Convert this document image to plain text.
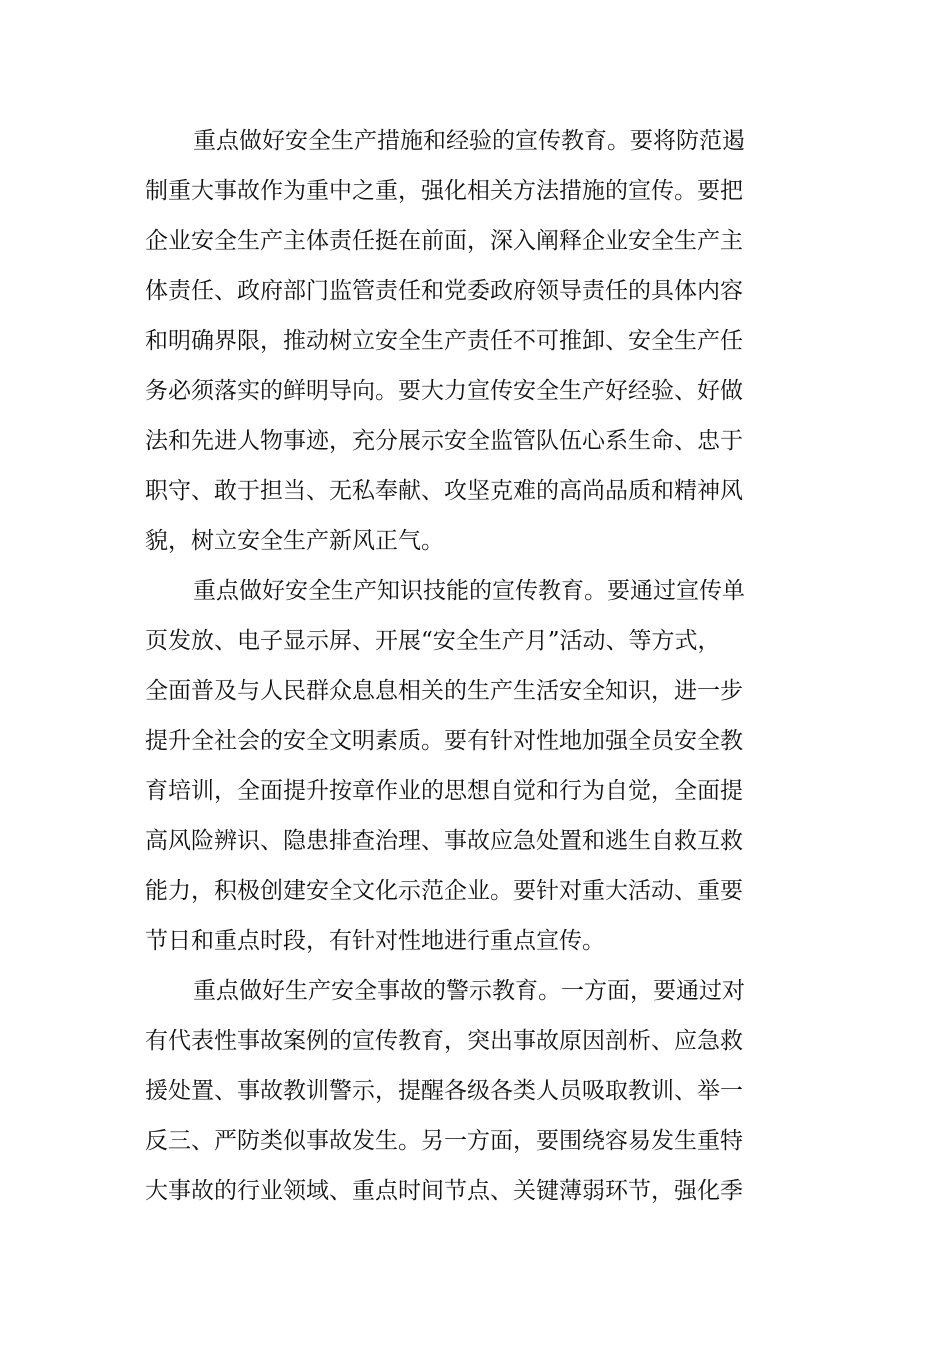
重点做好安全生产措施和经验的宣传教育。要将防范遏
制重大事故作为重中之重，强化相关方法措施的宣传。要把
企业安全生产主体责任挺在前面，深入阐释企业安全生产主
体责任、政府部门监管责任和党委政府领导责任的具体内容
和明确界限，推动树立安全生产责任不可推卸、安全生产任
务必须落实的鲜明导向。要大力宣传安全生产好经验、好做
法和先进人物事迹，充分展示安全监管队伍心系生命、忠于
职守、敢于担当、无私奉献、攻坚克难的高尚品质和精神风
貌，树立安全生产新风正气。
重点做好安全生产知识技能的宣传教育。要通过宣传单
页发放、电子显示屏、开展“安全生产月”活动、等方式，
全面普及与人民群众息息相关的生产生活安全知识，进一步
提升全社会的安全文明素质。要有针对性地加强全员安全教
育培训，全面提升按章作业的思想自觉和行为自觉，全面提
高风险辨识、隐患排查治理、事故应急处置和逃生自救互救
能力，积极创建安全文化示范企业。要针对重大活动、重要
节日和重点时段，有针对性地进行重点宣传。
重点做好生产安全事故的警示教育。一方面，要通过对
有代表性事故案例的宣传教育，突出事故原因剖析、应急救
援处置、事故教训警示，提醒各级各类人员吸取教训、举一
反三、严防类似事故发生。另一方面，要围绕容易发生重特
大事故的行业领域、重点时间节点、关键薄弱环节，强化季
